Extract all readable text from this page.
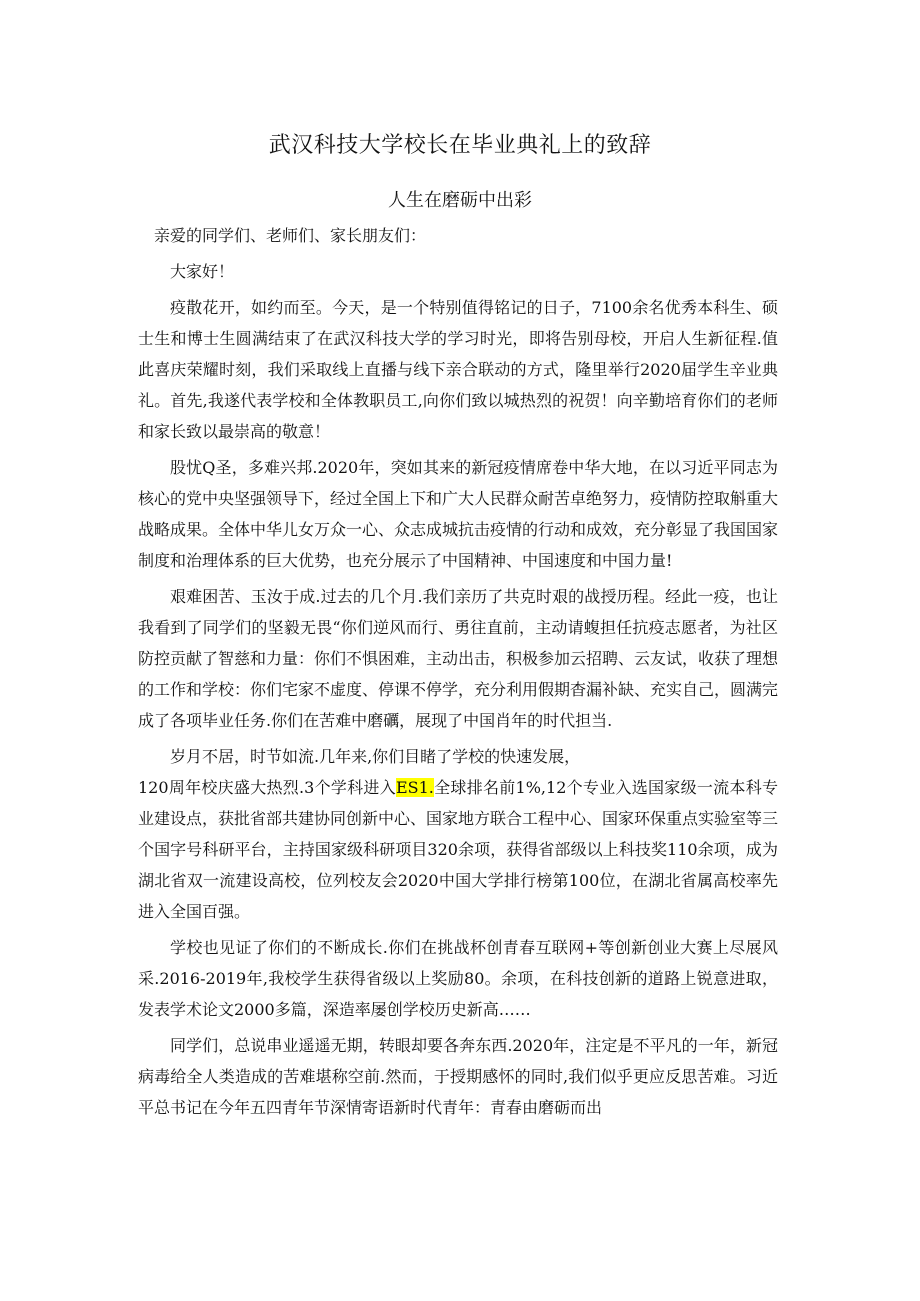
武汉科技大学校长在毕业典礼上的致辞
人生在磨砺中出彩

亲爱的同学们、老师们、家长朋友们：

大家好！

疫散花开，如约而至。今天，是一个特别值得铭记的日子，7100余名优秀本科生、硕士生和博士生圆满结束了在武汉科技大学的学习时光，即将告别母校，开启人生新征程.值此喜庆荣耀时刻，我们采取线上直播与线下亲合联动的方式，隆里举行2020届学生辛业典礼。首先,我遂代表学校和全体教职员工,向你们致以城热烈的祝贺！向辛勤培育你们的老师和家长致以最崇高的敬意！

股忧Q圣，多难兴邦.2020年，突如其来的新冠疫情席卷中华大地，在以习近平同志为核心的党中央坚强领导下，经过全国上下和广大人民群众耐苦卓绝努力，疫情防控取斛重大战略成果。全体中华儿女万众一心、众志成城抗击疫情的行动和成效，充分彰显了我国国家制度和治理体系的巨大优势，也充分展示了中国精神、中国速度和中国力量!

艰难困苦、玉汝于成.过去的几个月.我们亲历了共克时艰的战授历程。经此一疫，也让我看到了同学们的坚毅无畏“你们逆风而行、勇往直前，主动请蝮担任抗疫志愿者，为社区防控贡献了智慈和力量：你们不惧困难，主动出击，积极参加云招聘、云友试，收获了理想的工作和学校：你们宅家不虚度、停课不停学，充分利用假期杳漏补缺、充实自己，圆满完成了各项毕业任务.你们在苦难中磨礪，展现了中国肖年的时代担当.

岁月不居，时节如流.几年来,你们目睹了学校的快速发展，

120周年校庆盛大热烈.3个学科进入ES1.全球排名前1%,12个专业入选国家级一流本科专业建设点，获批省部共建协同创新中心、国家地方联合工程中心、国家环保重点实验室等三个国字号科研平台，主持国家级科研项目320余项，获得省部级以上科技奖110余项，成为湖北省双一流建设高校，位列校友会2020中国大学排行榜第100位，在湖北省属高校率先进入全国百强。

学校也见证了你们的不断成长.你们在挑战杯创青春互联网+等创新创业大赛上尽展风采.2016-2019年,我校学生获得省级以上奖励80。余项，在科技创新的道路上锐意进取，发表学术论文2000多篇，深造率屡创学校历史新高……

同学们，总说串业遥遥无期，转眼却要各奔东西.2020年，注定是不平凡的一年，新冠病毒给全人类造成的苦难堪称空前.然而，于授期感怀的同时,我们似乎更应反思苦难。习近平总书记在今年五四青年节深情寄语新时代青年：青春由磨砺而出
